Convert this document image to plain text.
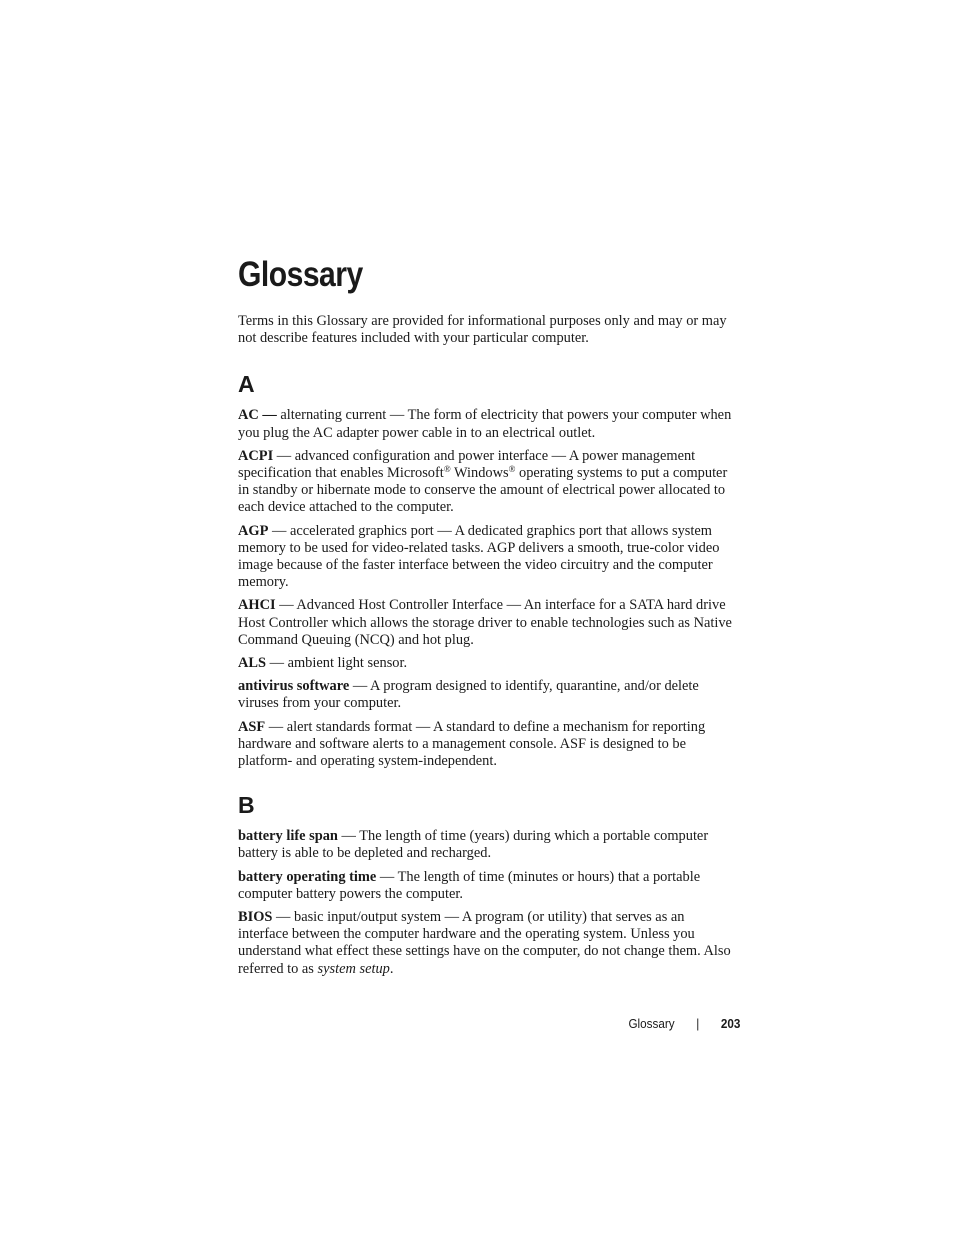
Glossary

Terms in this Glossary are provided for informational purposes only and may or may not describe features included with your particular computer.

A

AC — alternating current — The form of electricity that powers your computer when you plug the AC adapter power cable in to an electrical outlet.

ACPI — advanced configuration and power interface — A power management specification that enables Microsoft® Windows® operating systems to put a computer in standby or hibernate mode to conserve the amount of electrical power allocated to each device attached to the computer.

AGP — accelerated graphics port — A dedicated graphics port that allows system memory to be used for video-related tasks. AGP delivers a smooth, true-color video image because of the faster interface between the video circuitry and the computer memory.

AHCI — Advanced Host Controller Interface — An interface for a SATA hard drive Host Controller which allows the storage driver to enable technologies such as Native Command Queuing (NCQ) and hot plug.

ALS — ambient light sensor.

antivirus software — A program designed to identify, quarantine, and/or delete viruses from your computer.

ASF — alert standards format — A standard to define a mechanism for reporting hardware and software alerts to a management console. ASF is designed to be platform- and operating system-independent.

B

battery life span — The length of time (years) during which a portable computer battery is able to be depleted and recharged.

battery operating time — The length of time (minutes or hours) that a portable computer battery powers the computer.

BIOS — basic input/output system — A program (or utility) that serves as an interface between the computer hardware and the operating system. Unless you understand what effect these settings have on the computer, do not change them. Also referred to as system setup.

Glossary | 203
